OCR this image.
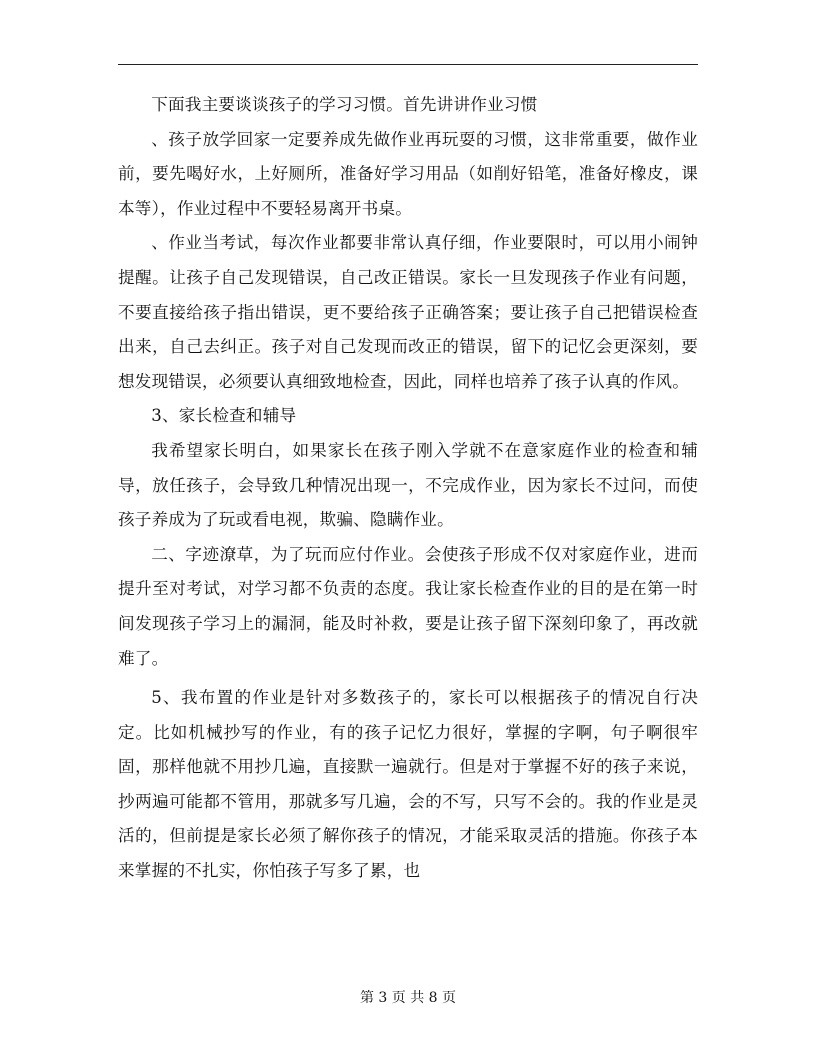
下面我主要谈谈孩子的学习习惯。首先讲讲作业习惯

、孩子放学回家一定要养成先做作业再玩耍的习惯，这非常重要，做作业前，要先喝好水，上好厕所，准备好学习用品（如削好铅笔，准备好橡皮，课本等），作业过程中不要轻易离开书桌。

、作业当考试，每次作业都要非常认真仔细，作业要限时，可以用小闹钟提醒。让孩子自己发现错误，自己改正错误。家长一旦发现孩子作业有问题，不要直接给孩子指出错误，更不要给孩子正确答案；要让孩子自己把错误检查出来，自己去纠正。孩子对自己发现而改正的错误，留下的记忆会更深刻，要想发现错误，必须要认真细致地检查，因此，同样也培养了孩子认真的作风。

3、家长检查和辅导

我希望家长明白，如果家长在孩子刚入学就不在意家庭作业的检查和辅导，放任孩子，会导致几种情况出现一，不完成作业，因为家长不过问，而使孩子养成为了玩或看电视，欺骗、隐瞒作业。

二、字迹潦草，为了玩而应付作业。会使孩子形成不仅对家庭作业，进而提升至对考试，对学习都不负责的态度。我让家长检查作业的目的是在第一时间发现孩子学习上的漏洞，能及时补救，要是让孩子留下深刻印象了，再改就难了。

5、我布置的作业是针对多数孩子的，家长可以根据孩子的情况自行决定。比如机械抄写的作业，有的孩子记忆力很好，掌握的字啊，句子啊很牢固，那样他就不用抄几遍，直接默一遍就行。但是对于掌握不好的孩子来说，抄两遍可能都不管用，那就多写几遍，会的不写，只写不会的。我的作业是灵活的，但前提是家长必须了解你孩子的情况，才能采取灵活的措施。你孩子本来掌握的不扎实，你怕孩子写多了累，也

第 3 页 共 8 页
